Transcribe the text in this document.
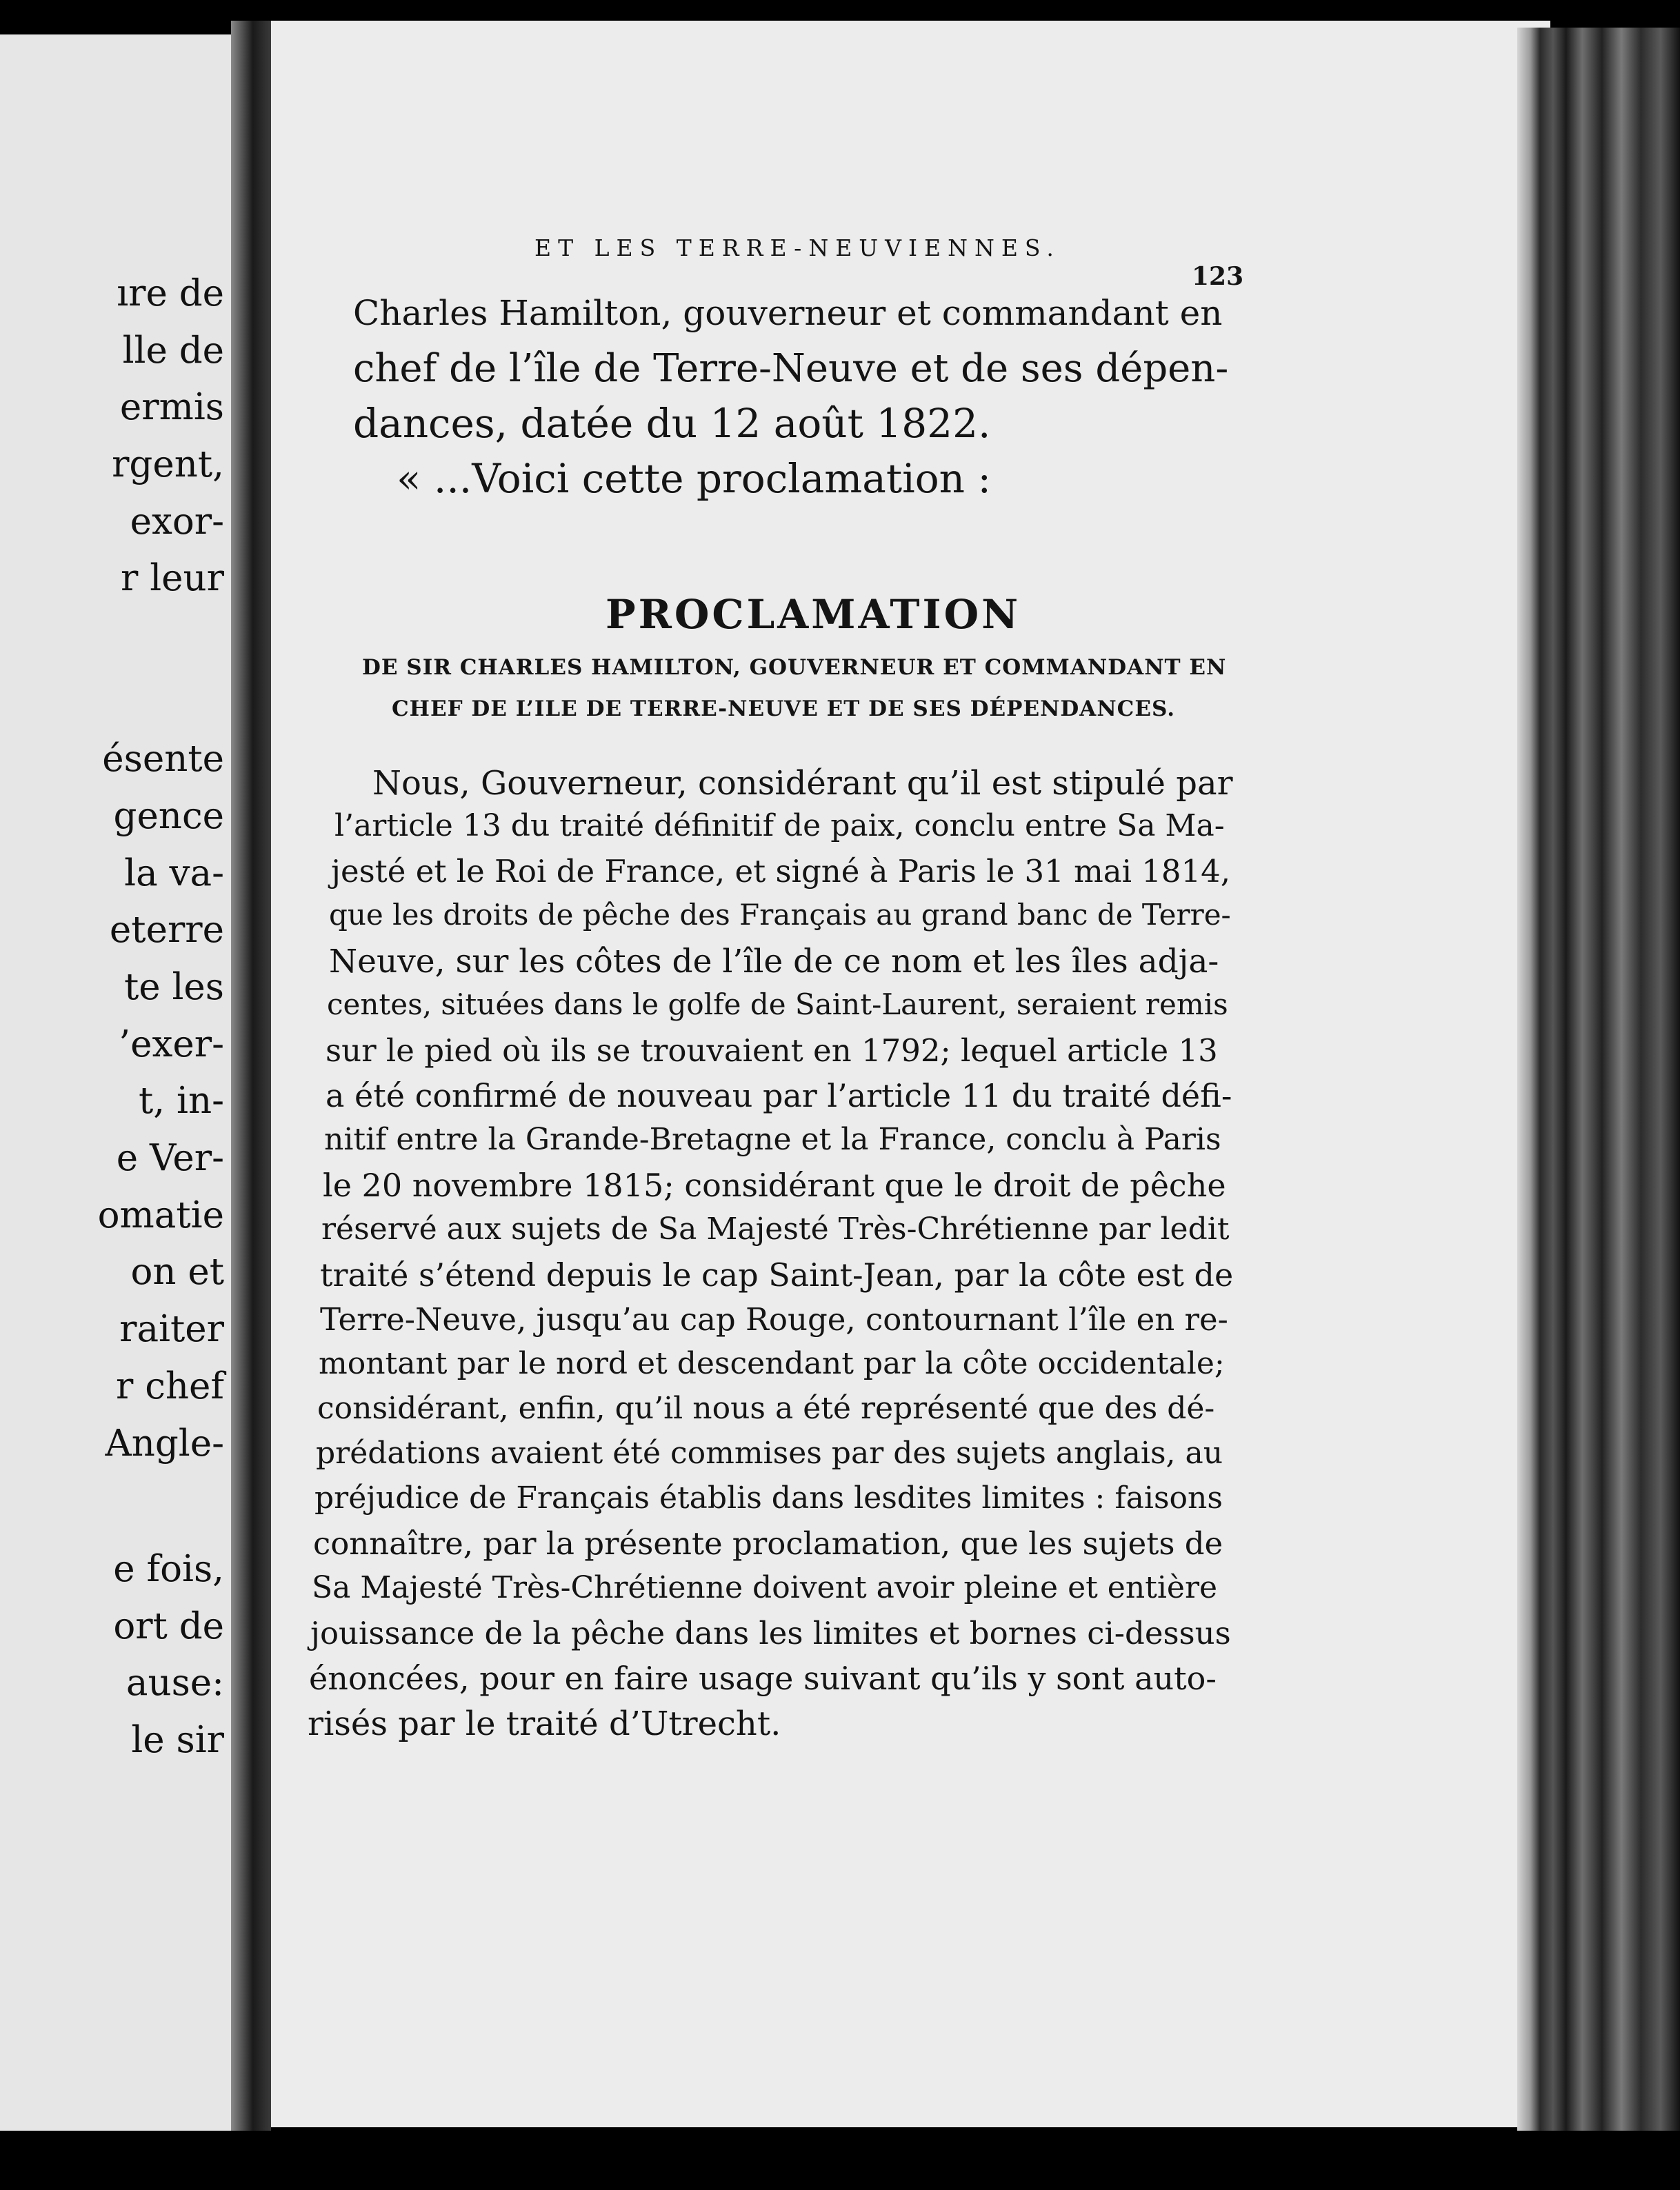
ıre de
lle de
ermis
rgent,
exor-
r leur
ésente
gence
la va-
eterre
te les
’exer-
t, in-
e Ver-
omatie
on et
raiter
r chef
Angle-
e fois,
ort de
ause:
le sir
ET LES TERRE-NEUVIENNES.
123
Charles Hamilton, gouverneur et commandant en
chef de l’île de Terre-Neuve et de ses dépen-
dances, datée du 12 août 1822.
« ...Voici cette proclamation :
PROCLAMATION
DE SIR CHARLES HAMILTON, GOUVERNEUR ET COMMANDANT EN
CHEF DE L’ILE DE TERRE-NEUVE ET DE SES DÉPENDANCES.
Nous, Gouverneur, considérant qu’il est stipulé par
l’article 13 du traité définitif de paix, conclu entre Sa Ma-
jesté et le Roi de France, et signé à Paris le 31 mai 1814,
que les droits de pêche des Français au grand banc de Terre-
Neuve, sur les côtes de l’île de ce nom et les îles adja-
centes, situées dans le golfe de Saint-Laurent, seraient remis
sur le pied où ils se trouvaient en 1792; lequel article 13
a été confirmé de nouveau par l’article 11 du traité défi-
nitif entre la Grande-Bretagne et la France, conclu à Paris
le 20 novembre 1815; considérant que le droit de pêche
réservé aux sujets de Sa Majesté Très-Chrétienne par ledit
traité s’étend depuis le cap Saint-Jean, par la côte est de
Terre-Neuve, jusqu’au cap Rouge, contournant l’île en re-
montant par le nord et descendant par la côte occidentale;
considérant, enfin, qu’il nous a été représenté que des dé-
prédations avaient été commises par des sujets anglais, au
préjudice de Français établis dans lesdites limites : faisons
connaître, par la présente proclamation, que les sujets de
Sa Majesté Très-Chrétienne doivent avoir pleine et entière
jouissance de la pêche dans les limites et bornes ci-dessus
énoncées, pour en faire usage suivant qu’ils y sont auto-
risés par le traité d’Utrecht.
